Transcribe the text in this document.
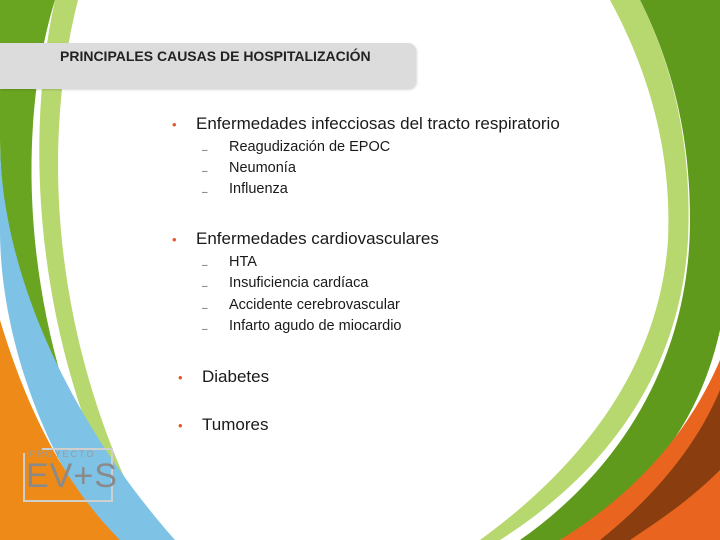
PRINCIPALES CAUSAS DE HOSPITALIZACIÓN
•	Enfermedades infecciosas del tracto respiratorio
–	Reagudización de EPOC
–	Neumonía
–	Influenza
•	Enfermedades cardiovasculares
–	HTA
–	Insuficiencia cardíaca
–	Accidente cerebrovascular
–	Infarto agudo de miocardio
•	Diabetes
•	Tumores
PROYECTO
EV+S
